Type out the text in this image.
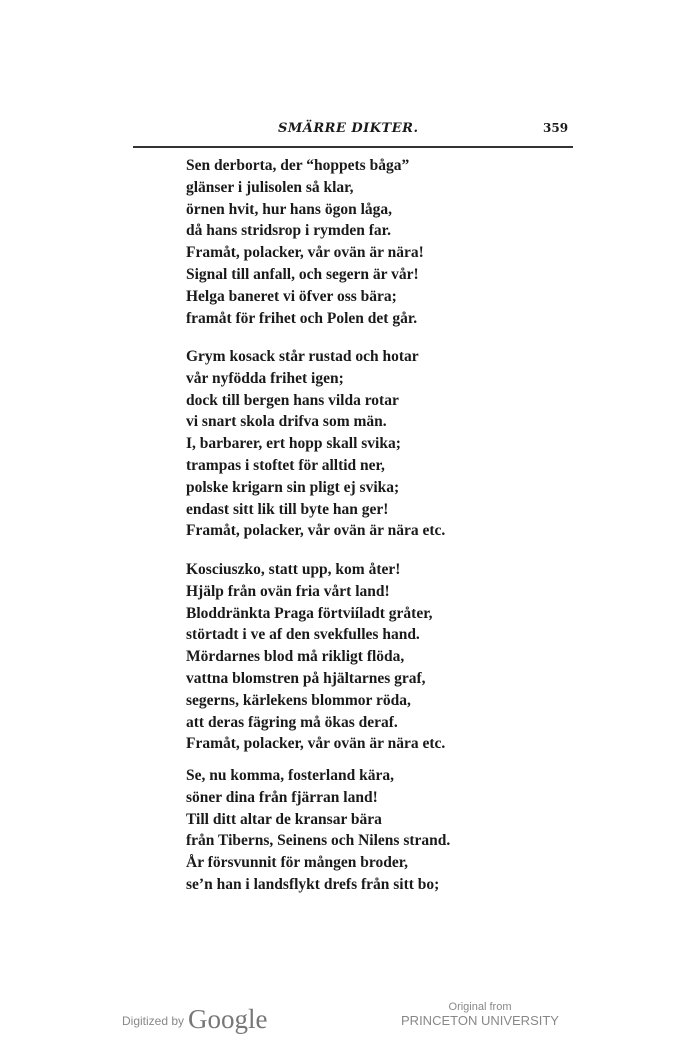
SMÄRRE DIKTER.	359
Sen derborta, der “hoppets båga”
glänser i julisolen så klar,
örnen hvit, hur hans ögon låga,
då hans stridsrop i rymden far.
Framåt, polacker, vår ovän är nära!
Signal till anfall, och segern är vår!
Helga baneret vi öfver oss bära;
framåt för frihet och Polen det går.
Grym kosack står rustad och hotar
vår nyfödda frihet igen;
dock till bergen hans vilda rotar
vi snart skola drifva som män.
I, barbarer, ert hopp skall svika;
trampas i stoftet för alltid ner,
polske krigarn sin pligt ej svika;
endast sitt lik till byte han ger!
Framåt, polacker, vår ovän är nära etc.
Kosciuszko, statt upp, kom åter!
Hjälp från ovän fria vårt land!
Bloddränkta Praga förtviíladt gråter,
störtadt i ve af den svekfulles hand.
Mördarnes blod må rikligt flöda,
vattna blomstren på hjältarnes graf,
segerns, kärlekens blommor röda,
att deras fägring må ökas deraf.
Framåt, polacker, vår ovän är nära etc.
Se, nu komma, fosterland kära,
söner dina från fjärran land!
Till ditt altar de kransar bära
från Tiberns, Seinens och Nilens strand.
År försvunnit för mången broder,
se’n han i landsflykt drefs från sitt bo;
Digitized by Google	Original from
PRINCETON UNIVERSITY
